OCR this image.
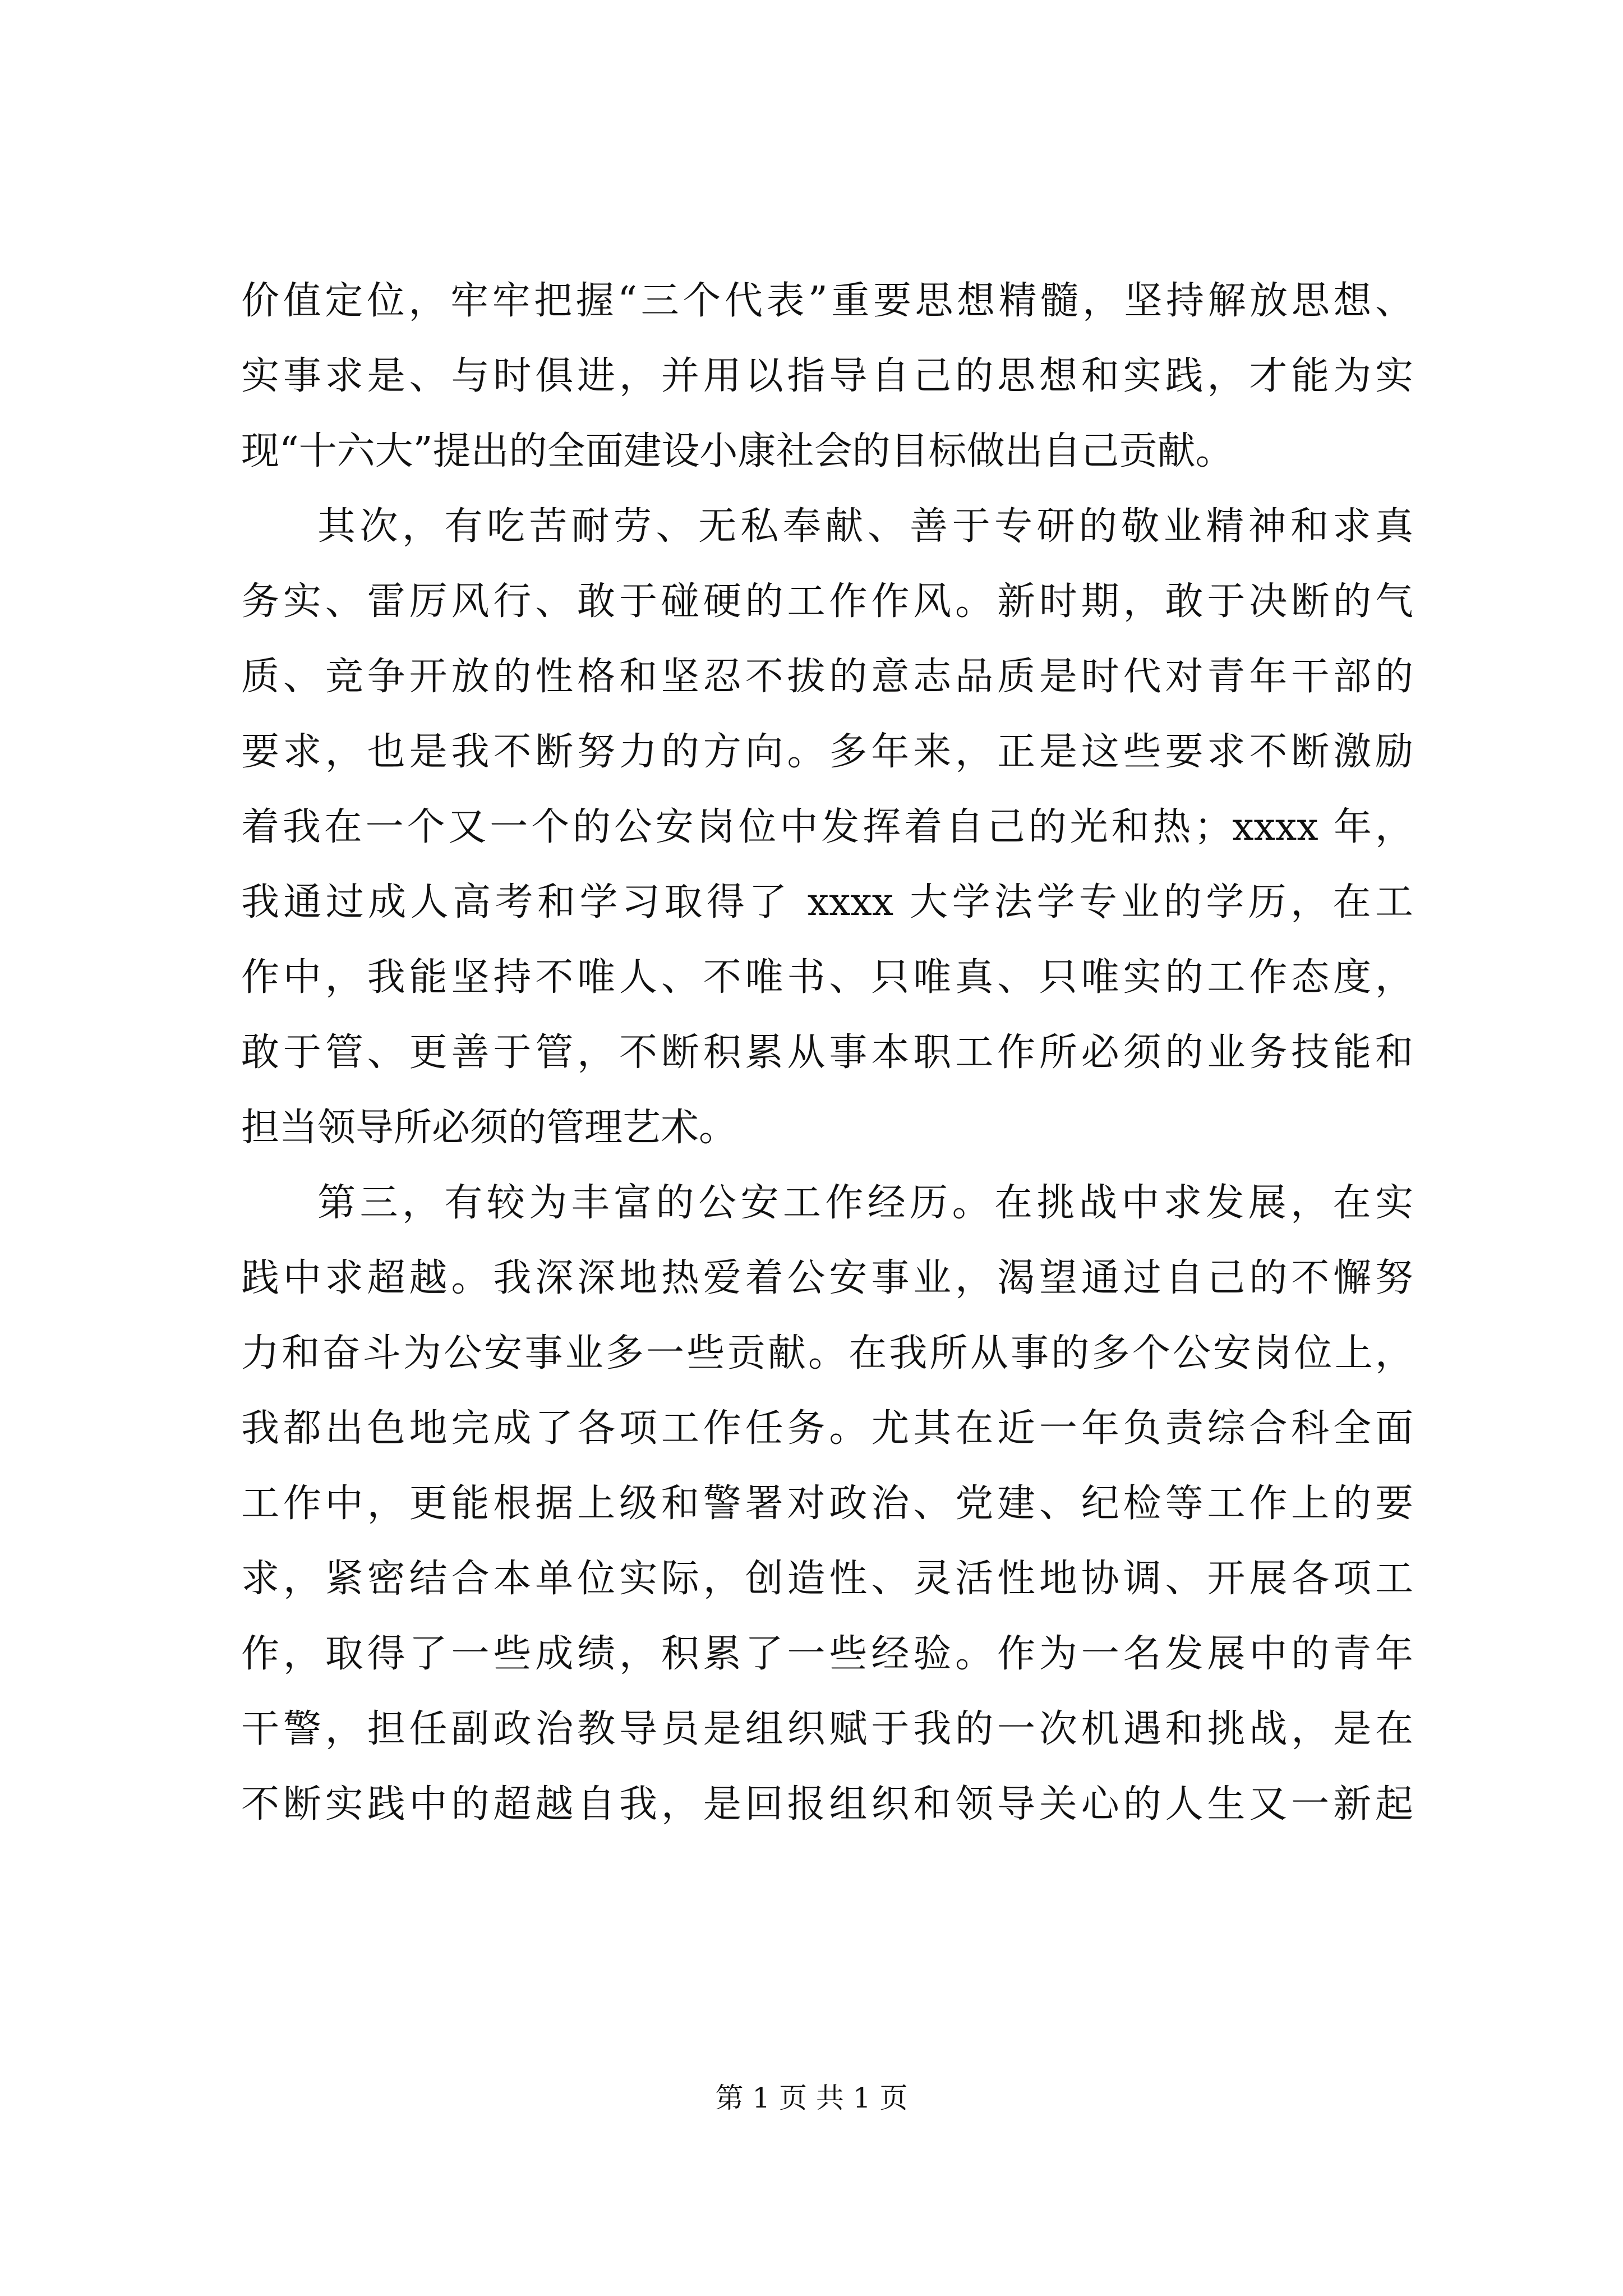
价值定位，牢牢把握“三个代表”重要思想精髓，坚持解放思想、
实事求是、与时俱进，并用以指导自己的思想和实践，才能为实
现“十六大”提出的全面建设小康社会的目标做出自己贡献。
其次，有吃苦耐劳、无私奉献、善于专研的敬业精神和求真
务实、雷厉风行、敢于碰硬的工作作风。新时期，敢于决断的气
质、竞争开放的性格和坚忍不拔的意志品质是时代对青年干部的
要求，也是我不断努力的方向。多年来，正是这些要求不断激励
着我在一个又一个的公安岗位中发挥着自己的光和热；xxxx 年，
我通过成人高考和学习取得了 xxxx 大学法学专业的学历，在工
作中，我能坚持不唯人、不唯书、只唯真、只唯实的工作态度，
敢于管、更善于管，不断积累从事本职工作所必须的业务技能和
担当领导所必须的管理艺术。
第三，有较为丰富的公安工作经历。在挑战中求发展，在实
践中求超越。我深深地热爱着公安事业，渴望通过自己的不懈努
力和奋斗为公安事业多一些贡献。在我所从事的多个公安岗位上，
我都出色地完成了各项工作任务。尤其在近一年负责综合科全面
工作中，更能根据上级和警署对政治、党建、纪检等工作上的要
求，紧密结合本单位实际，创造性、灵活性地协调、开展各项工
作，取得了一些成绩，积累了一些经验。作为一名发展中的青年
干警，担任副政治教导员是组织赋于我的一次机遇和挑战，是在
不断实践中的超越自我，是回报组织和领导关心的人生又一新起
第 1 页 共 1 页
